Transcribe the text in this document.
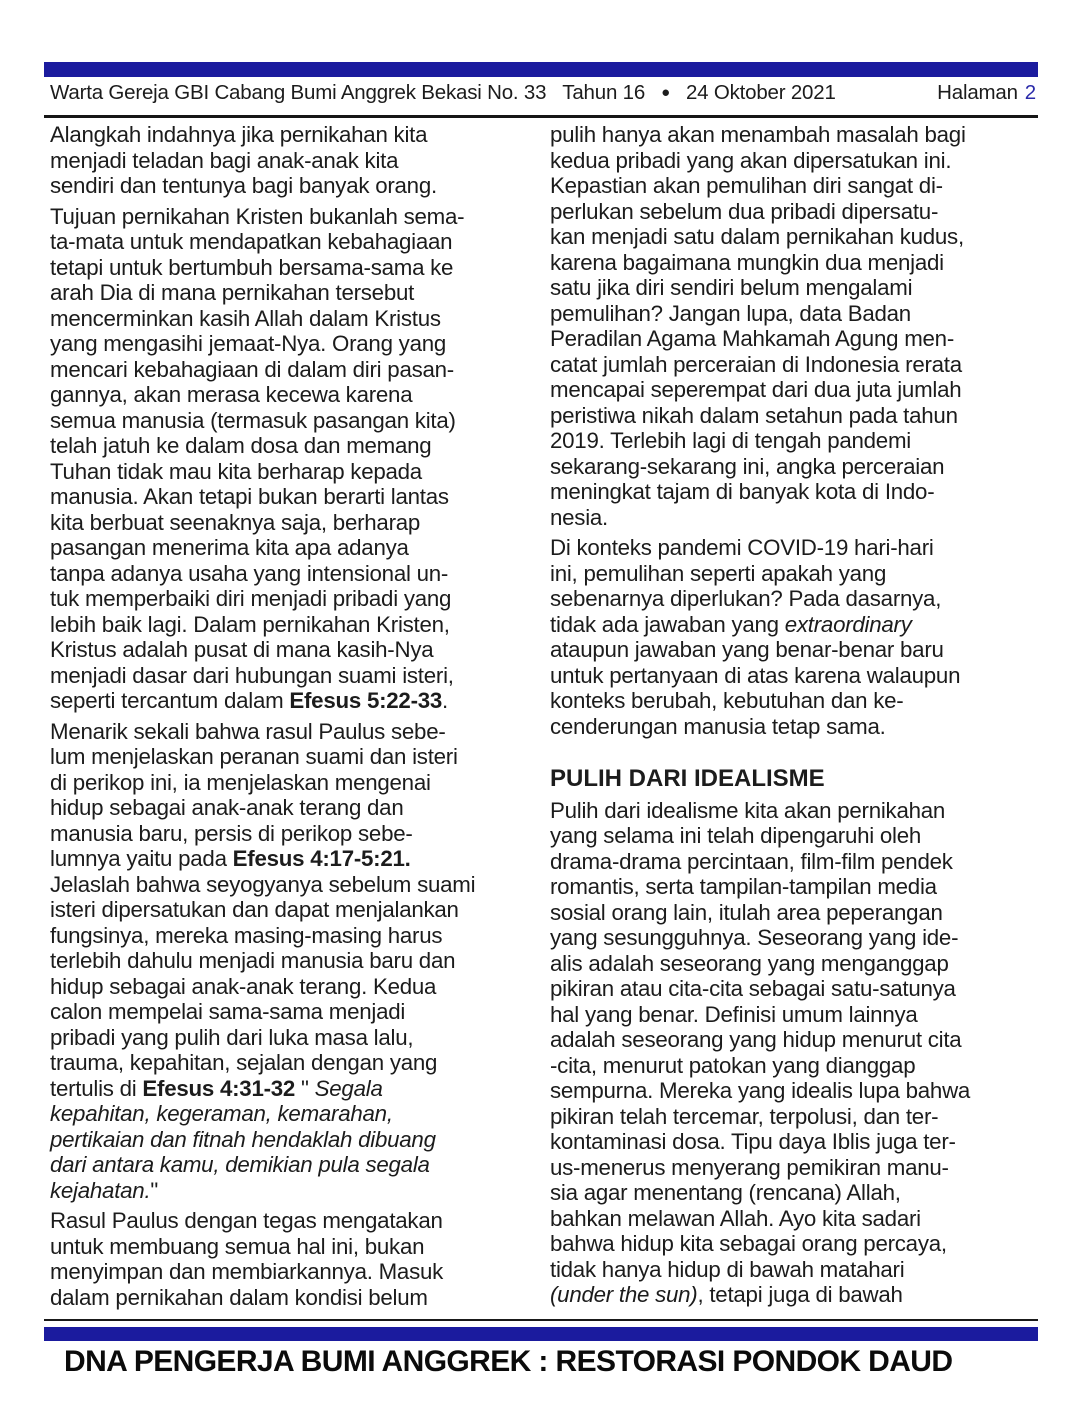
Warta Gereja GBI Cabang Bumi Anggrek Bekasi No. 33 Tahun 16 ● 24 Oktober 2021	Halaman 2
Alangkah indahnya jika pernikahan kita
menjadi teladan bagi anak-anak kita
sendiri dan tentunya bagi banyak orang.
Tujuan pernikahan Kristen bukanlah sema-
ta-mata untuk mendapatkan kebahagiaan
tetapi untuk bertumbuh bersama-sama ke
arah Dia di mana pernikahan tersebut
mencerminkan kasih Allah dalam Kristus
yang mengasihi jemaat-Nya. Orang yang
mencari kebahagiaan di dalam diri pasan-
gannya, akan merasa kecewa karena
semua manusia (termasuk pasangan kita)
telah jatuh ke dalam dosa dan memang
Tuhan tidak mau kita berharap kepada
manusia. Akan tetapi bukan berarti lantas
kita berbuat seenaknya saja, berharap
pasangan menerima kita apa adanya
tanpa adanya usaha yang intensional un-
tuk memperbaiki diri menjadi pribadi yang
lebih baik lagi. Dalam pernikahan Kristen,
Kristus adalah pusat di mana kasih-Nya
menjadi dasar dari hubungan suami isteri,
seperti tercantum dalam Efesus 5:22-33.
Menarik sekali bahwa rasul Paulus sebe-
lum menjelaskan peranan suami dan isteri
di perikop ini, ia menjelaskan mengenai
hidup sebagai anak-anak terang dan
manusia baru, persis di perikop sebe-
lumnya yaitu pada Efesus 4:17-5:21.
Jelaslah bahwa seyogyanya sebelum suami
isteri dipersatukan dan dapat menjalankan
fungsinya, mereka masing-masing harus
terlebih dahulu menjadi manusia baru dan
hidup sebagai anak-anak terang. Kedua
calon mempelai sama-sama menjadi
pribadi yang pulih dari luka masa lalu,
trauma, kepahitan, sejalan dengan yang
tertulis di Efesus 4:31-32 " Segala
kepahitan, kegeraman, kemarahan,
pertikaian dan fitnah hendaklah dibuang
dari antara kamu, demikian pula segala
kejahatan."
Rasul Paulus dengan tegas mengatakan
untuk membuang semua hal ini, bukan
menyimpan dan membiarkannya. Masuk
dalam pernikahan dalam kondisi belum
pulih hanya akan menambah masalah bagi
kedua pribadi yang akan dipersatukan ini.
Kepastian akan pemulihan diri sangat di-
perlukan sebelum dua pribadi dipersatu-
kan menjadi satu dalam pernikahan kudus,
karena bagaimana mungkin dua menjadi
satu jika diri sendiri belum mengalami
pemulihan? Jangan lupa, data Badan
Peradilan Agama Mahkamah Agung men-
catat jumlah perceraian di Indonesia rerata
mencapai seperempat dari dua juta jumlah
peristiwa nikah dalam setahun pada tahun
2019. Terlebih lagi di tengah pandemi
sekarang-sekarang ini, angka perceraian
meningkat tajam di banyak kota di Indo-
nesia.
Di konteks pandemi COVID-19 hari-hari
ini, pemulihan seperti apakah yang
sebenarnya diperlukan? Pada dasarnya,
tidak ada jawaban yang extraordinary
ataupun jawaban yang benar-benar baru
untuk pertanyaan di atas karena walaupun
konteks berubah, kebutuhan dan ke-
cenderungan manusia tetap sama.
PULIH DARI IDEALISME
Pulih dari idealisme kita akan pernikahan
yang selama ini telah dipengaruhi oleh
drama-drama percintaan, film-film pendek
romantis, serta tampilan-tampilan media
sosial orang lain, itulah area peperangan
yang sesungguhnya. Seseorang yang ide-
alis adalah seseorang yang menganggap
pikiran atau cita-cita sebagai satu-satunya
hal yang benar. Definisi umum lainnya
adalah seseorang yang hidup menurut cita
-cita, menurut patokan yang dianggap
sempurna. Mereka yang idealis lupa bahwa
pikiran telah tercemar, terpolusi, dan ter-
kontaminasi dosa. Tipu daya Iblis juga ter-
us-menerus menyerang pemikiran manu-
sia agar menentang (rencana) Allah,
bahkan melawan Allah. Ayo kita sadari
bahwa hidup kita sebagai orang percaya,
tidak hanya hidup di bawah matahari
(under the sun), tetapi juga di bawah
DNA PENGERJA BUMI ANGGREK : RESTORASI PONDOK DAUD
